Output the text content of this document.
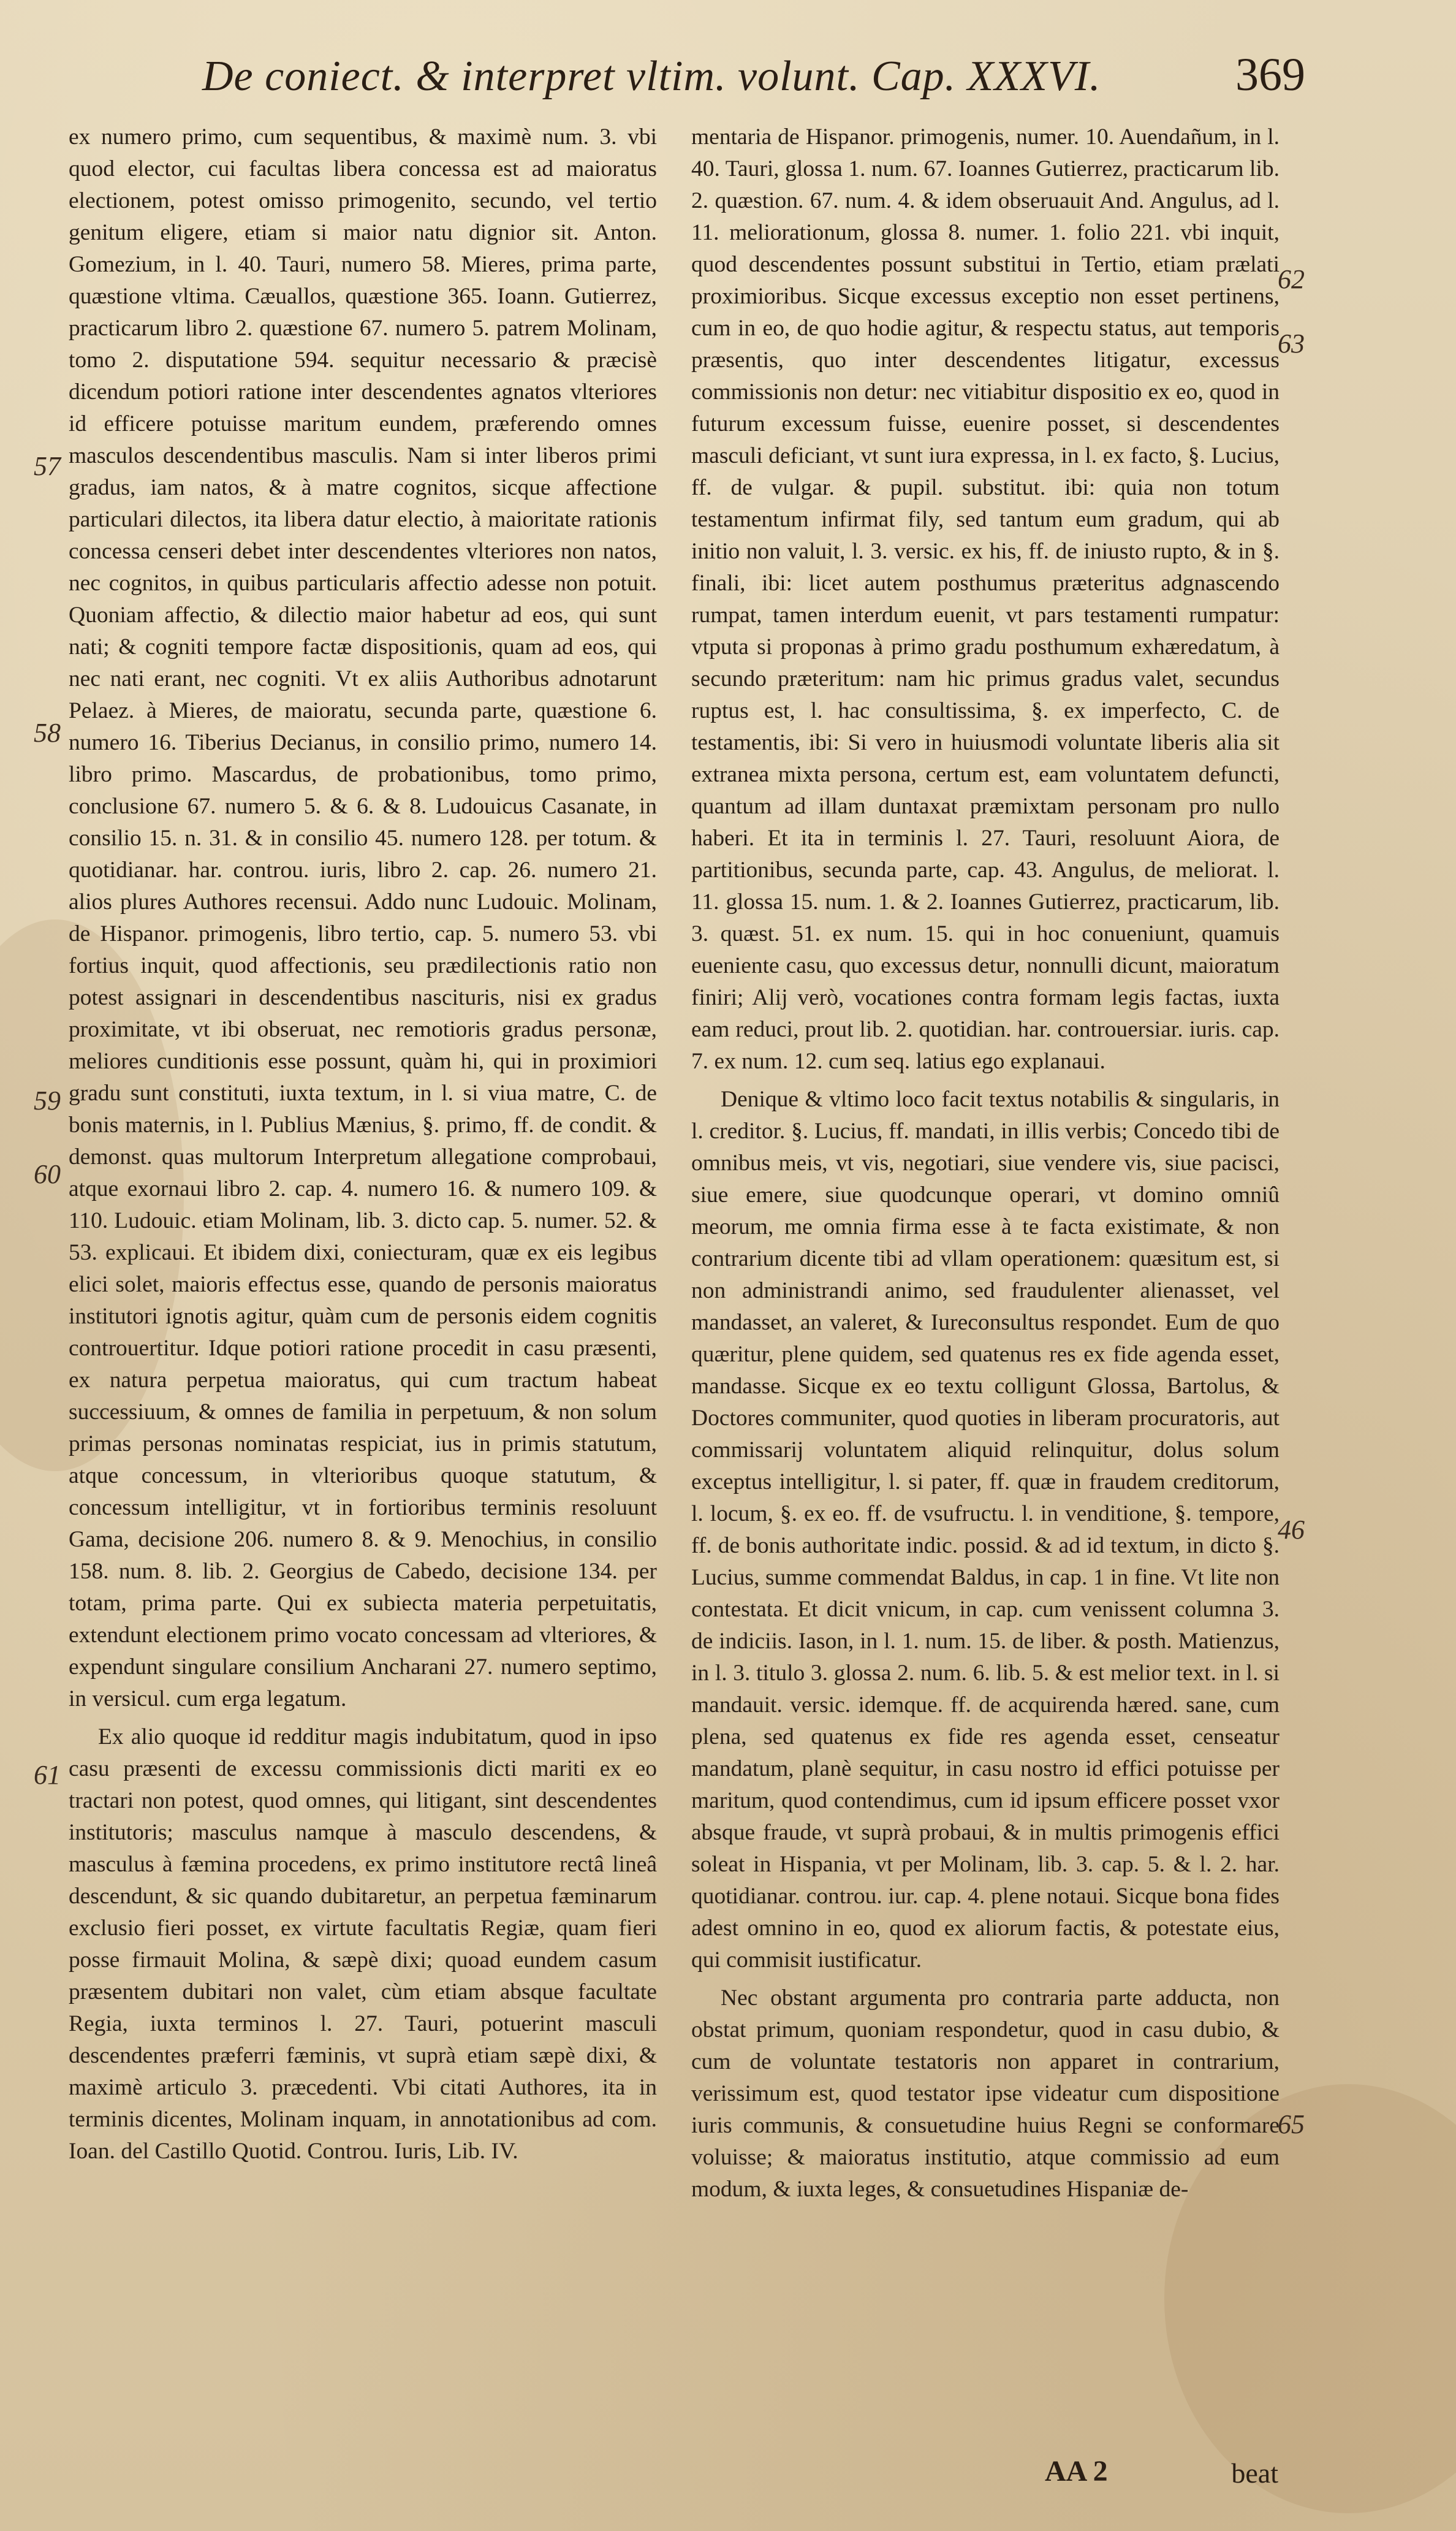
De coniect. & interpret vltim. volunt. Cap. XXXVI.	369

ex numero primo, cum sequentibus, & maximè num. 3. vbi quod elector, cui facultas libera concessa est ad maioratus electionem, potest omisso primogenito, secundo, vel tertio genitum eligere, etiam si maior natu dignior sit. Anton. Gomezium, in l. 40. Tauri, numero 58. Mieres, prima parte, quæstione vltima. Cæuallos, quæstione 365. Ioann. Gutierrez, practicarum libro 2. quæstione 67. numero 5. patrem Molinam, tomo 2. disputatione 594. sequitur necessario & præcisè dicendum potiori ratione inter descendentes agnatos vlteriores id efficere potuisse maritum eundem, præferendo omnes masculos descendentibus masculis. Nam si inter liberos primi gradus, iam natos, & à matre cognitos, sicque affectione particulari dilectos, ita libera datur electio, à maioritate rationis concessa censeri debet inter descendentes vlteriores non natos, nec cognitos, in quibus particularis affectio adesse non potuit. Quoniam affectio, & dilectio maior habetur ad eos, qui sunt nati; & cogniti tempore factæ dispositionis, quam ad eos, qui nec nati erant, nec cogniti. Vt ex aliis Authoribus adnotarunt Pelaez. à Mieres, de maioratu, secunda parte, quæstione 6. numero 16. Tiberius Decianus, in consilio primo, numero 14. libro primo. Mascardus, de probationibus, tomo primo, conclusione 67. numero 5. & 6. & 8. Ludouicus Casanate, in consilio 15. n. 31. & in consilio 45. numero 128. per totum. & quotidianar. har. controu. iuris, libro 2. cap. 26. numero 21. alios plures Authores recensui. Addo nunc Ludouic. Molinam, de Hispanor. primogenis, libro tertio, cap. 5. numero 53. vbi fortius inquit, quod affectionis, seu prædilectionis ratio non potest assignari in descendentibus nascituris, nisi ex gradus proximitate, vt ibi obseruat, nec remotioris gradus personæ, meliores cunditionis esse possunt, quàm hi, qui in proximiori gradu sunt constituti, iuxta textum, in l. si viua matre, C. de bonis maternis, in l. Publius Mænius, §. primo, ff. de condit. & demonst. quas multorum Interpretum allegatione comprobaui, atque exornaui libro 2. cap. 4. numero 16. & numero 109. & 110. Ludouic. etiam Molinam, lib. 3. dicto cap. 5. numer. 52. & 53. explicaui. Et ibidem dixi, coniecturam, quæ ex eis legibus elici solet, maioris effectus esse, quando de personis maioratus institutori ignotis agitur, quàm cum de personis eidem cognitis controuertitur. Idque potiori ratione procedit in casu præsenti, ex natura perpetua maioratus, qui cum tractum habeat successiuum, & omnes de familia in perpetuum, & non solum primas personas nominatas respiciat, ius in primis statutum, atque concessum, in vlterioribus quoque statutum, & concessum intelligitur, vt in fortioribus terminis resoluunt Gama, decisione 206. numero 8. & 9. Menochius, in consilio 158. num. 8. lib. 2. Georgius de Cabedo, decisione 134. per totam, prima parte. Qui ex subiecta materia perpetuitatis, extendunt electionem primo vocato concessam ad vlteriores, & expendunt singulare consilium Ancharani 27. numero septimo, in versicul. cum erga legatum.

Ex alio quoque id redditur magis indubitatum, quod in ipso casu præsenti de excessu commissionis dicti mariti ex eo tractari non potest, quod omnes, qui litigant, sint descendentes institutoris; masculus namque à masculo descendens, & masculus à fæmina procedens, ex primo institutore rectâ lineâ descendunt, & sic quando dubitaretur, an perpetua fæminarum exclusio fieri posset, ex virtute facultatis Regiæ, quam fieri posse firmauit Molina, & sæpè dixi; quoad eundem casum præsentem dubitari non valet, cùm etiam absque facultate Regia, iuxta terminos l. 27. Tauri, potuerint masculi descendentes præferri fæminis, vt suprà etiam sæpè dixi, & maximè articulo 3. præcedenti. Vbi citati Authores, ita in terminis dicentes, Molinam inquam, in annotationibus ad com. Ioan. del Castillo Quotid. Controu. Iuris, Lib. IV.

mentaria de Hispanor. primogenis, numer. 10. Auendañum, in l. 40. Tauri, glossa 1. num. 67. Ioannes Gutierrez, practicarum lib. 2. quæstion. 67. num. 4. & idem obseruauit And. Angulus, ad l. 11. meliorationum, glossa 8. numer. 1. folio 221. vbi inquit, quod descendentes possunt substitui in Tertio, etiam prælati proximioribus. Sicque excessus exceptio non esset pertinens, cum in eo, de quo hodie agitur, & respectu status, aut temporis præsentis, quo inter descendentes litigatur, excessus commissionis non detur: nec vitiabitur dispositio ex eo, quod in futurum excessum fuisse, euenire posset, si descendentes masculi deficiant, vt sunt iura expressa, in l. ex facto, §. Lucius, ff. de vulgar. & pupil. substitut. ibi: quia non totum testamentum infirmat fily, sed tantum eum gradum, qui ab initio non valuit, l. 3. versic. ex his, ff. de iniusto rupto, & in §. finali, ibi: licet autem posthumus præteritus adgnascendo rumpat, tamen interdum euenit, vt pars testamenti rumpatur: vtputa si proponas à primo gradu posthumum exhæredatum, à secundo præteritum: nam hic primus gradus valet, secundus ruptus est, l. hac consultissima, §. ex imperfecto, C. de testamentis, ibi: Si vero in huiusmodi voluntate liberis alia sit extranea mixta persona, certum est, eam voluntatem defuncti, quantum ad illam duntaxat præmixtam personam pro nullo haberi. Et ita in terminis l. 27. Tauri, resoluunt Aiora, de partitionibus, secunda parte, cap. 43. Angulus, de meliorat. l. 11. glossa 15. num. 1. & 2. Ioannes Gutierrez, practicarum, lib. 3. quæst. 51. ex num. 15. qui in hoc conueniunt, quamuis eueniente casu, quo excessus detur, nonnulli dicunt, maioratum finiri; Alij verò, vocationes contra formam legis factas, iuxta eam reduci, prout lib. 2. quotidian. har. controuersiar. iuris. cap. 7. ex num. 12. cum seq. latius ego explanaui.

Denique & vltimo loco facit textus notabilis & singularis, in l. creditor. §. Lucius, ff. mandati, in illis verbis; Concedo tibi de omnibus meis, vt vis, negotiari, siue vendere vis, siue pacisci, siue emere, siue quodcunque operari, vt domino omniû meorum, me omnia firma esse à te facta existimate, & non contrarium dicente tibi ad vllam operationem: quæsitum est, si non administrandi animo, sed fraudulenter alienasset, vel mandasset, an valeret, & Iureconsultus respondet. Eum de quo quæritur, plene quidem, sed quatenus res ex fide agenda esset, mandasse. Sicque ex eo textu colligunt Glossa, Bartolus, & Doctores communiter, quod quoties in liberam procuratoris, aut commissarij voluntatem aliquid relinquitur, dolus solum exceptus intelligitur, l. si pater, ff. quæ in fraudem creditorum, l. locum, §. ex eo. ff. de vsufructu. l. in venditione, §. tempore, ff. de bonis authoritate indic. possid. & ad id textum, in dicto §. Lucius, summe commendat Baldus, in cap. 1 in fine. Vt lite non contestata. Et dicit vnicum, in cap. cum venissent columna 3. de indiciis. Iason, in l. 1. num. 15. de liber. & posth. Matienzus, in l. 3. titulo 3. glossa 2. num. 6. lib. 5. & est melior text. in l. si mandauit. versic. idemque. ff. de acquirenda hæred. sane, cum plena, sed quatenus ex fide res agenda esset, censeatur mandatum, planè sequitur, in casu nostro id effici potuisse per maritum, quod contendimus, cum id ipsum efficere posset vxor absque fraude, vt suprà probaui, & in multis primogenis effici soleat in Hispania, vt per Molinam, lib. 3. cap. 5. & l. 2. har. quotidianar. controu. iur. cap. 4. plene notaui. Sicque bona fides adest omnino in eo, quod ex aliorum factis, & potestate eius, qui commisit iustificatur.

Nec obstant argumenta pro contraria parte adducta, non obstat primum, quoniam respondetur, quod in casu dubio, & cum de voluntate testatoris non apparet in contrarium, verissimum est, quod testator ipse videatur cum dispositione iuris communis, & consuetudine huius Regni se conformare voluisse; & maioratus institutio, atque commissio ad eum modum, & iuxta leges, & consuetudines Hispaniæ de-

57
58
59
60
61
62
63
46
65
AA 2	beat
